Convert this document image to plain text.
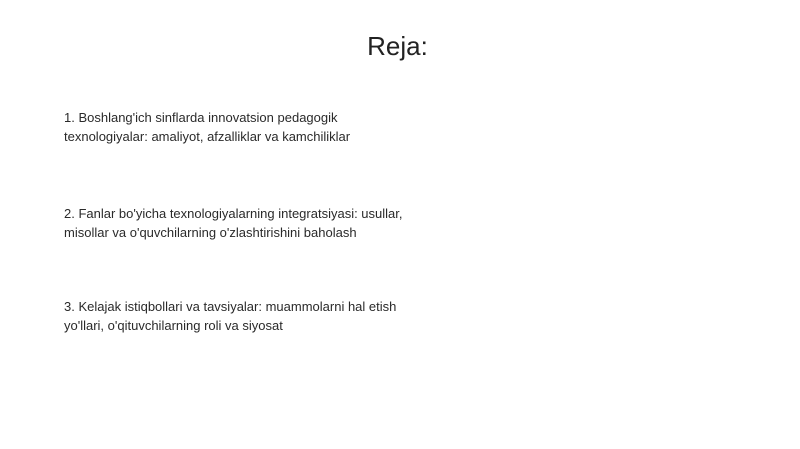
Reja:
1. Boshlang'ich sinflarda innovatsion pedagogik texnologiyalar: amaliyot, afzalliklar va kamchiliklar
2. Fanlar bo'yicha texnologiyalarning integratsiyasi: usullar, misollar va o'quvchilarning o'zlashtirishini baholash
3. Kelajak istiqbollari va tavsiyalar: muammolarni hal etish yo'llari, o'qituvchilarning roli va siyosat
